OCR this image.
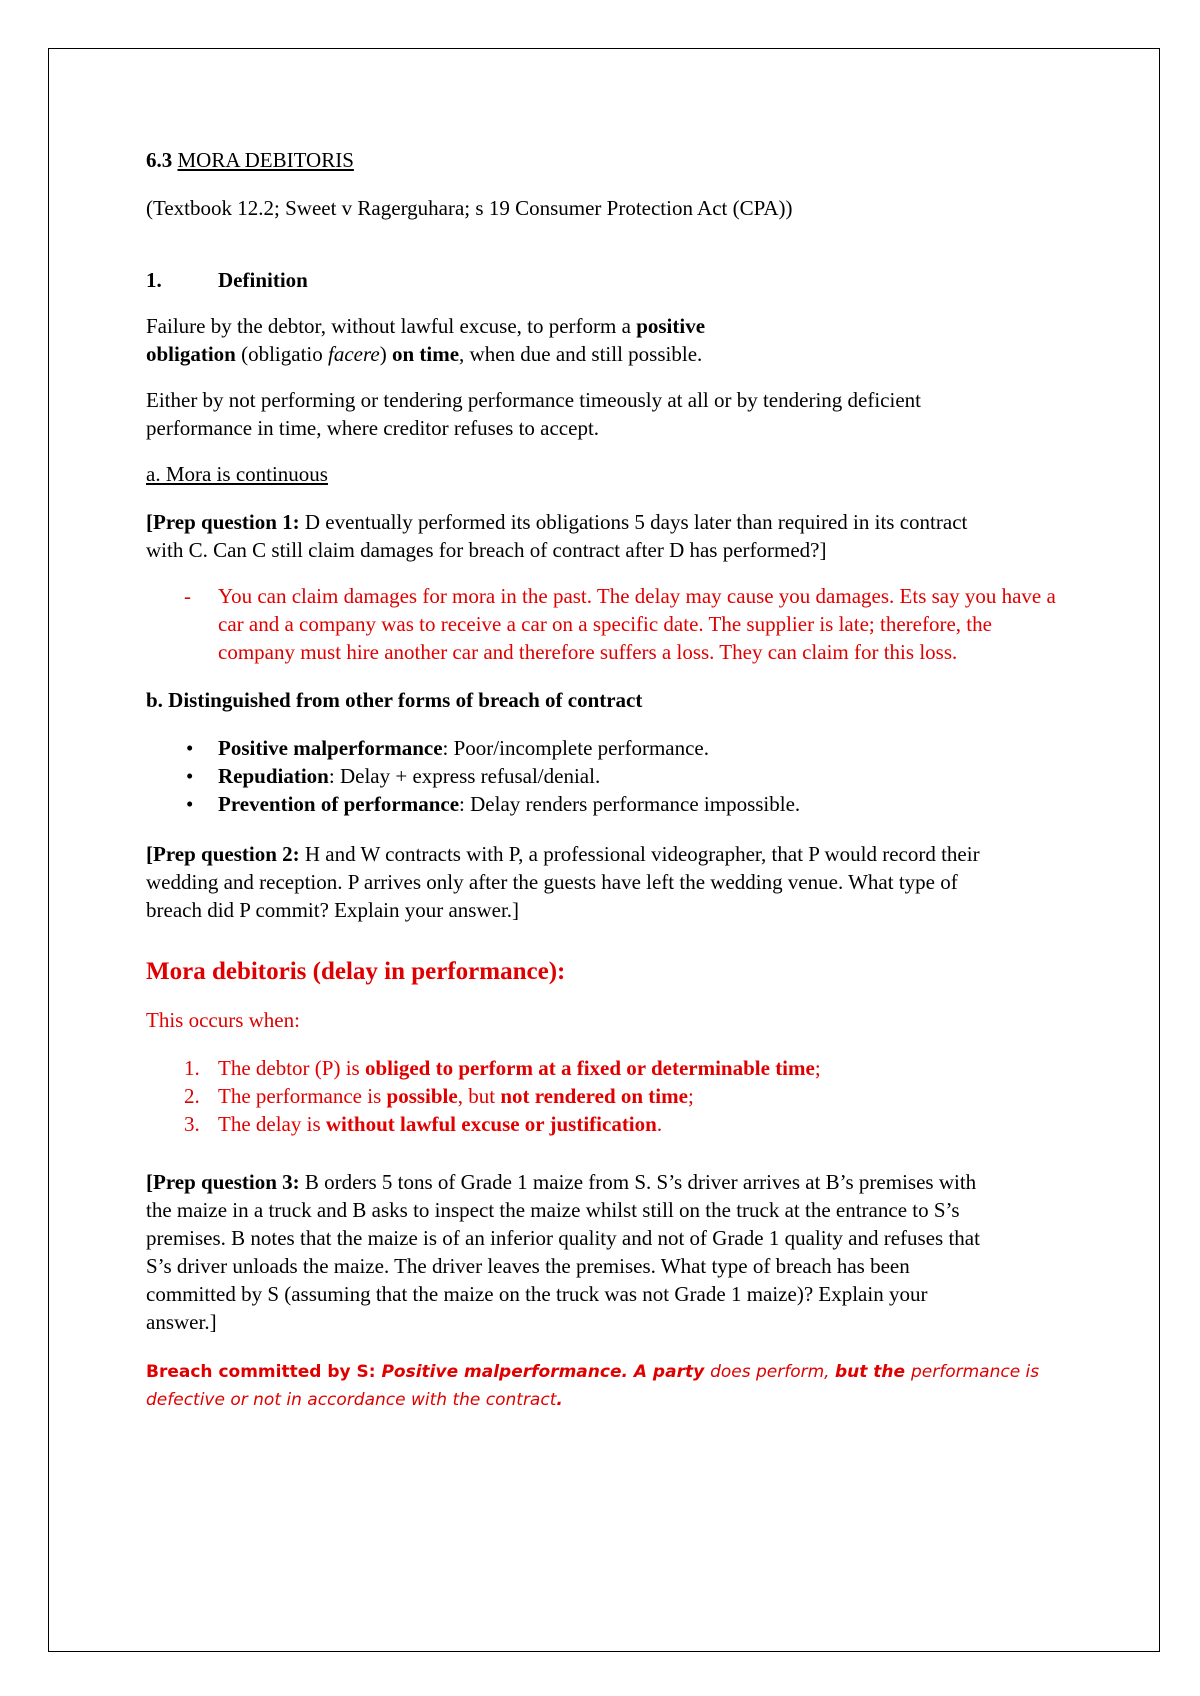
6.3 MORA DEBITORIS

(Textbook 12.2; Sweet v Ragerguhara; s 19 Consumer Protection Act (CPA))

1.	Definition

Failure by the debtor, without lawful excuse, to perform a positive obligation (obligatio facere) on time, when due and still possible.

Either by not performing or tendering performance timeously at all or by tendering deficient performance in time, where creditor refuses to accept.

a. Mora is continuous

[Prep question 1: D eventually performed its obligations 5 days later than required in its contract with C. Can C still claim damages for breach of contract after D has performed?]

-	You can claim damages for mora in the past. The delay may cause you damages. Ets say you have a car and a company was to receive a car on a specific date. The supplier is late; therefore, the company must hire another car and therefore suffers a loss. They can claim for this loss.

b. Distinguished from other forms of breach of contract

•	Positive malperformance: Poor/incomplete performance.
•	Repudiation: Delay + express refusal/denial.
•	Prevention of performance: Delay renders performance impossible.

[Prep question 2: H and W contracts with P, a professional videographer, that P would record their wedding and reception. P arrives only after the guests have left the wedding venue. What type of breach did P commit? Explain your answer.]

Mora debitoris (delay in performance):

This occurs when:

1. The debtor (P) is obliged to perform at a fixed or determinable time;
2. The performance is possible, but not rendered on time;
3. The delay is without lawful excuse or justification.

[Prep question 3: B orders 5 tons of Grade 1 maize from S. S’s driver arrives at B’s premises with the maize in a truck and B asks to inspect the maize whilst still on the truck at the entrance to S’s premises. B notes that the maize is of an inferior quality and not of Grade 1 quality and refuses that S’s driver unloads the maize. The driver leaves the premises. What type of breach has been committed by S (assuming that the maize on the truck was not Grade 1 maize)? Explain your answer.]

Breach committed by S: Positive malperformance. A party does perform, but the performance is defective or not in accordance with the contract.
